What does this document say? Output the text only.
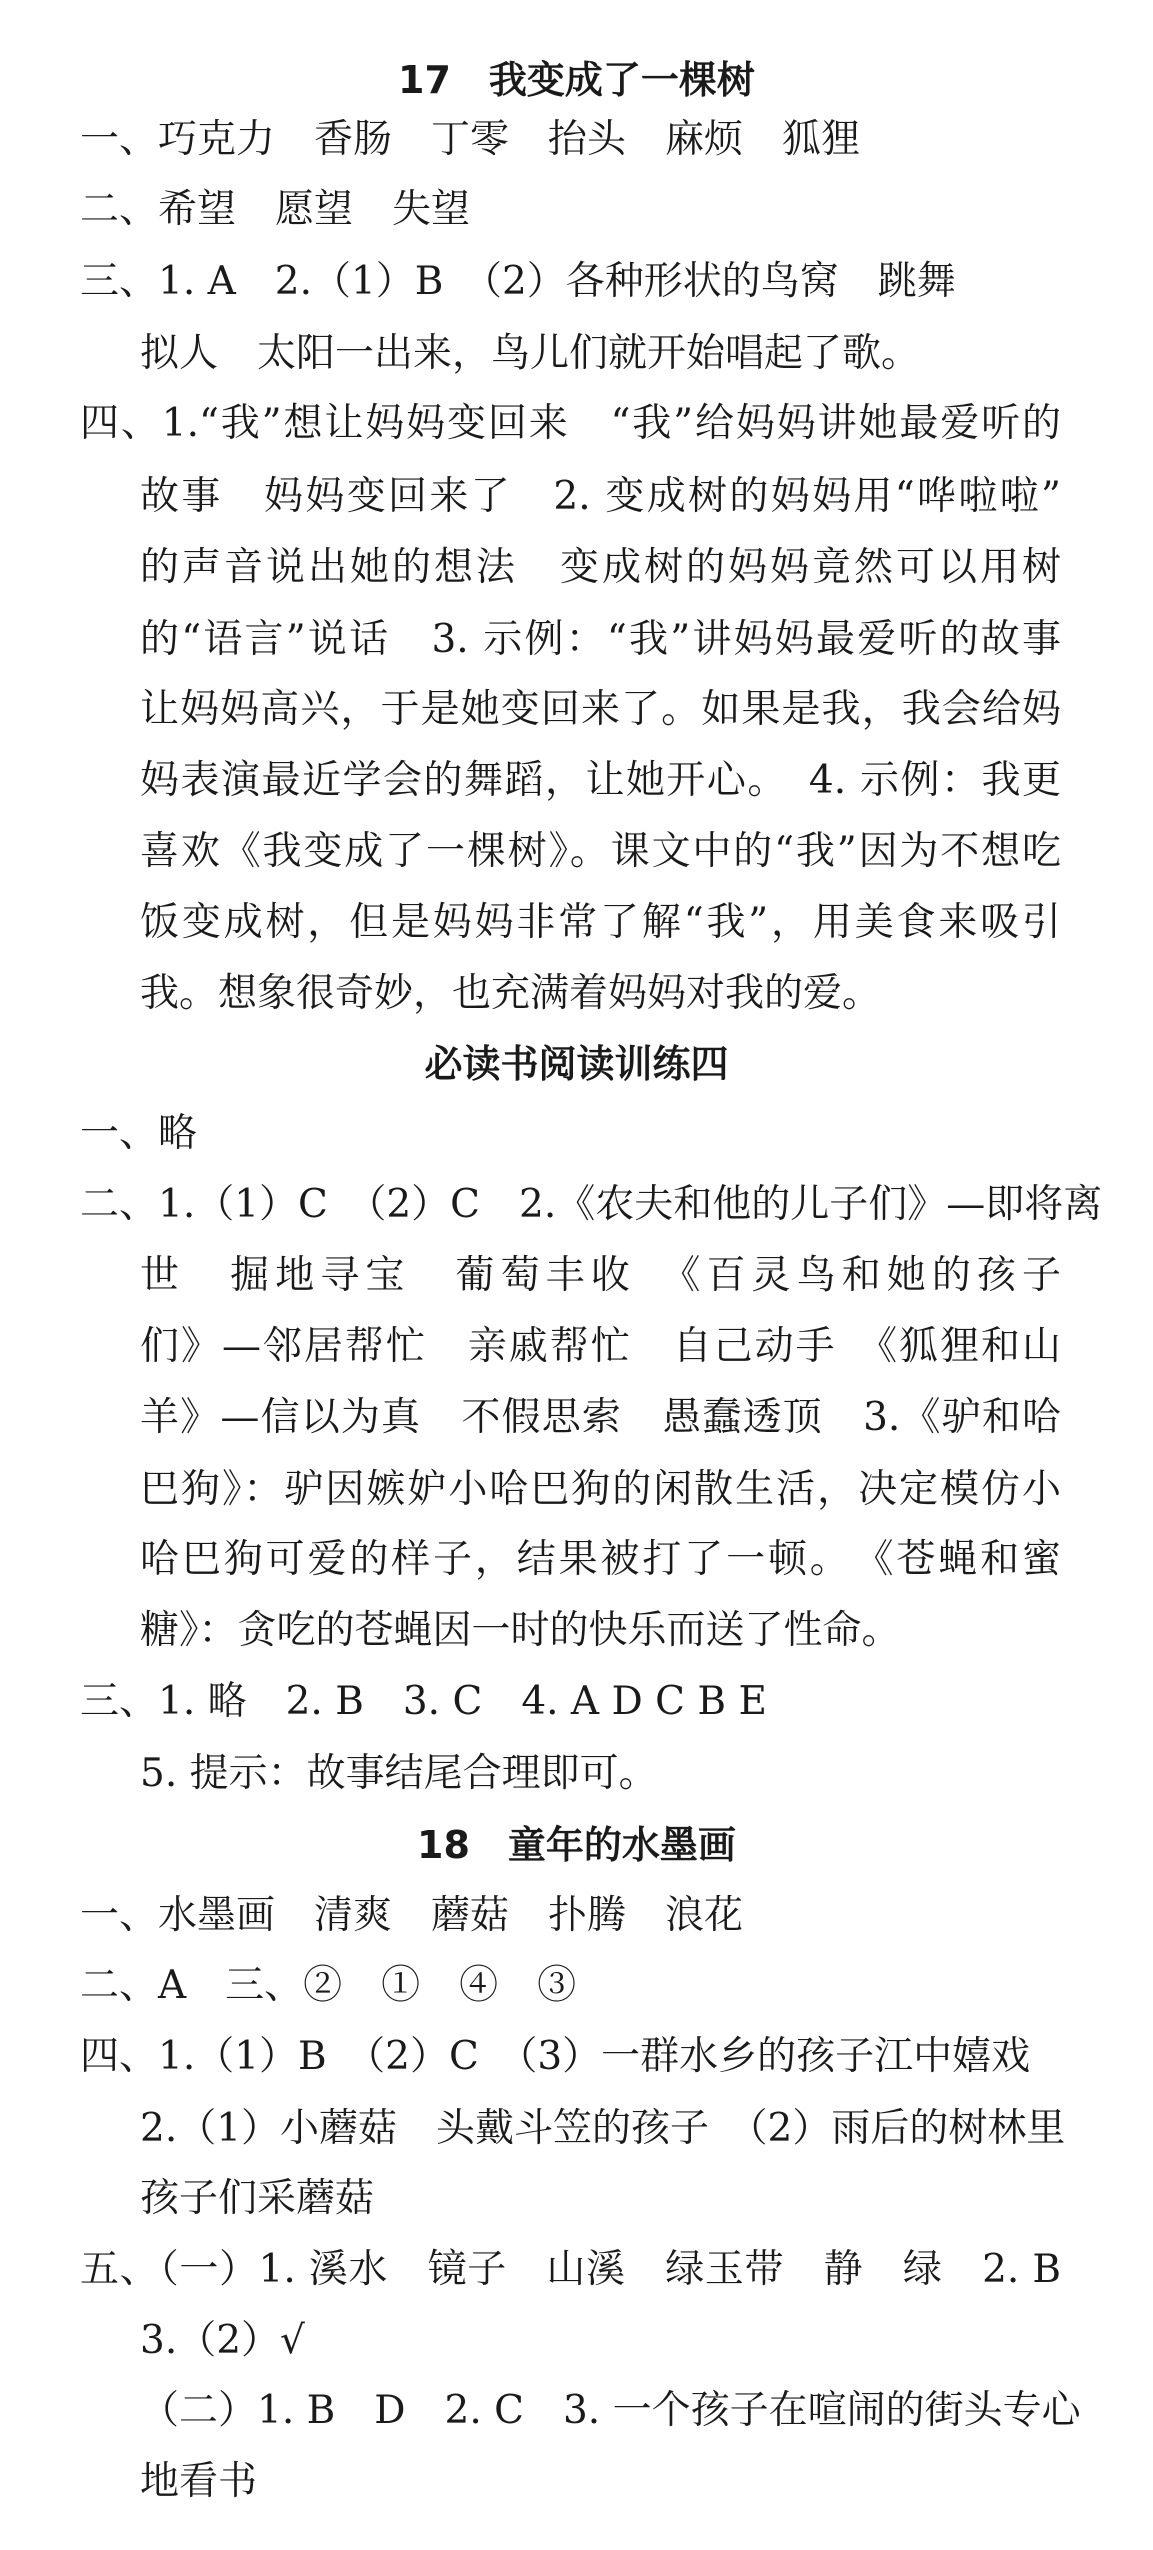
17　我变成了一棵树
一、巧克力　香肠　丁零　抬头　麻烦　狐狸
二、希望　愿望　失望
三、1. A　2.（1）B　（2）各种形状的鸟窝　跳舞
拟人　太阳一出来，鸟儿们就开始唱起了歌。
四、1.“我”想让妈妈变回来　“我”给妈妈讲她最爱听的
故事　妈妈变回来了　2. 变成树的妈妈用“哗啦啦”
的声音说出她的想法　变成树的妈妈竟然可以用树
的“语言”说话　3. 示例：“我”讲妈妈最爱听的故事
让妈妈高兴，于是她变回来了。如果是我，我会给妈
妈表演最近学会的舞蹈，让她开心。　4. 示例：我更
喜欢《我变成了一棵树》。课文中的“我”因为不想吃
饭变成树，但是妈妈非常了解“我”，用美食来吸引
我。想象很奇妙，也充满着妈妈对我的爱。
必读书阅读训练四
一、略
二、1.（1）C　（2）C　2.《农夫和他的儿子们》—即将离
世　掘地寻宝　葡萄丰收　《百灵鸟和她的孩子
们》—邻居帮忙　亲戚帮忙　自己动手　《狐狸和山
羊》—信以为真　不假思索　愚蠢透顶　3.《驴和哈
巴狗》：驴因嫉妒小哈巴狗的闲散生活，决定模仿小
哈巴狗可爱的样子，结果被打了一顿。　《苍蝇和蜜
糖》：贪吃的苍蝇因一时的快乐而送了性命。
三、1. 略　2. B　3. C　4. A D C B E
5. 提示：故事结尾合理即可。
18　童年的水墨画
一、水墨画　清爽　蘑菇　扑腾　浪花
二、A　三、②　①　④　③
四、1.（1）B　（2）C　（3）一群水乡的孩子江中嬉戏
2.（1）小蘑菇　头戴斗笠的孩子　（2）雨后的树林里
孩子们采蘑菇
五、（一）1. 溪水　镜子　山溪　绿玉带　静　绿　2. B
3.（2）√
（二）1. B　D　2. C　3. 一个孩子在喧闹的街头专心
地看书
